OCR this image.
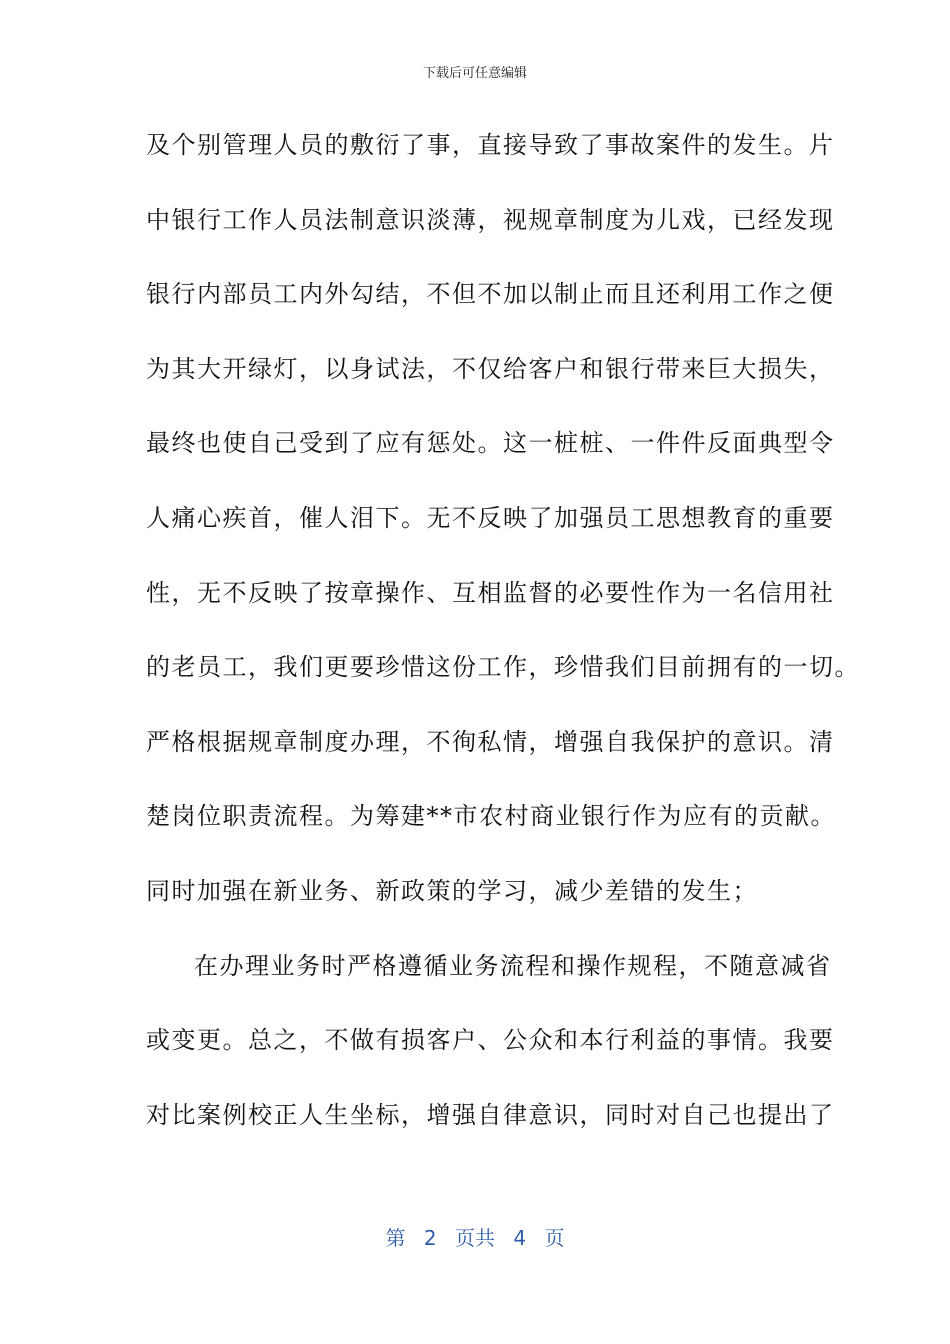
下载后可任意编辑
及个别管理人员的敷衍了事，直接导致了事故案件的发生。片
中银行工作人员法制意识淡薄，视规章制度为儿戏，已经发现
银行内部员工内外勾结，不但不加以制止而且还利用工作之便
为其大开绿灯，以身试法，不仅给客户和银行带来巨大损失，
最终也使自己受到了应有惩处。这一桩桩、一件件反面典型令
人痛心疾首，催人泪下。无不反映了加强员工思想教育的重要
性，无不反映了按章操作、互相监督的必要性作为一名信用社
的老员工，我们更要珍惜这份工作，珍惜我们目前拥有的一切。
严格根据规章制度办理，不徇私情，增强自我保护的意识。清
楚岗位职责流程。为筹建**市农村商业银行作为应有的贡献。
同时加强在新业务、新政策的学习，减少差错的发生；
在办理业务时严格遵循业务流程和操作规程，不随意减省
或变更。总之，不做有损客户、公众和本行利益的事情。我要
对比案例校正人生坐标，增强自律意识，同时对自己也提出了
第 2 页共 4 页
